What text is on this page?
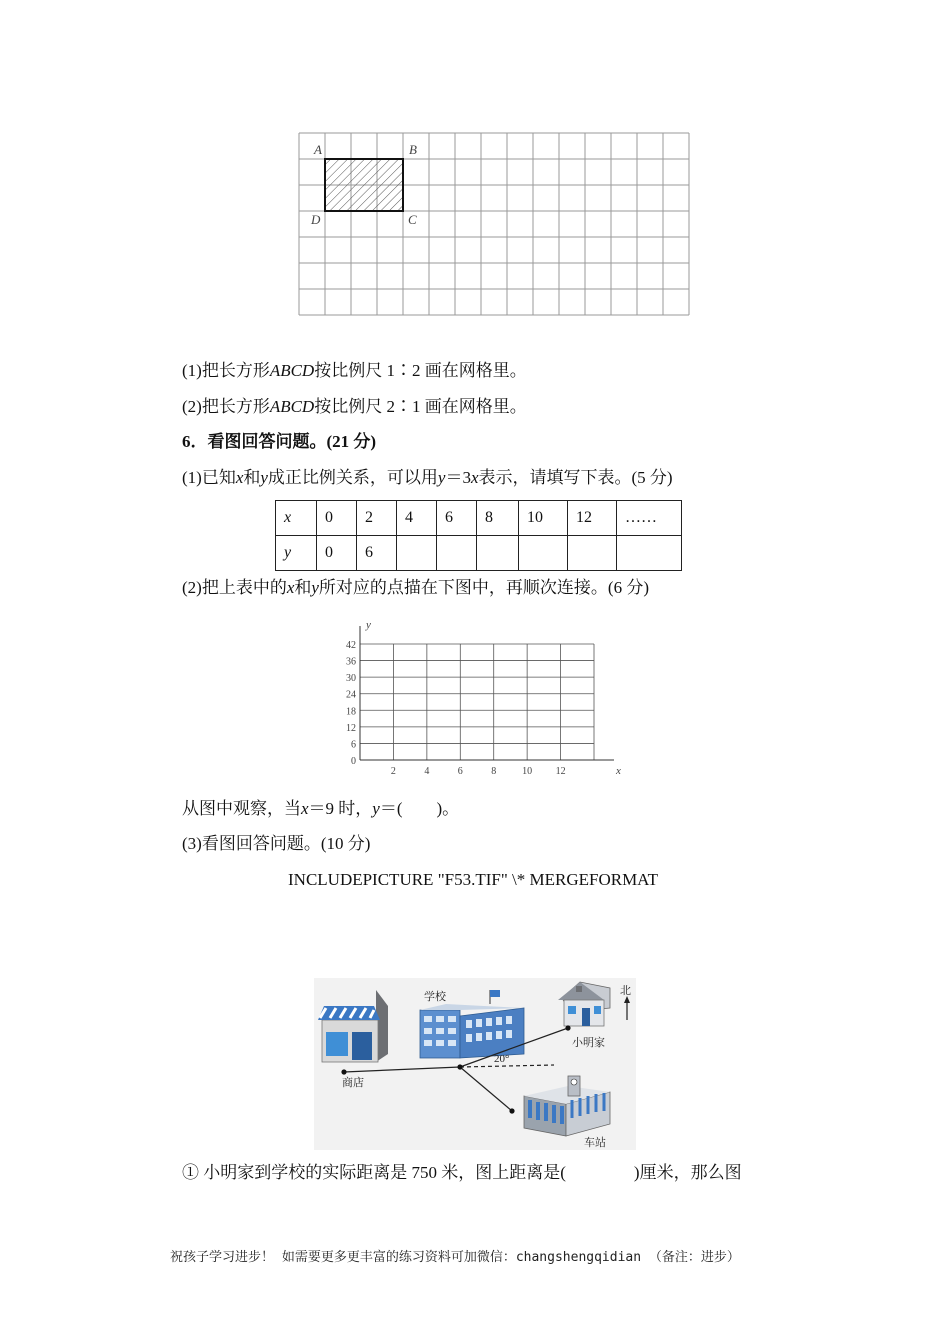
A	B
C
D
(1)把长方形ABCD按比例尺 1∶2 画在网格里。
(2)把长方形ABCD按比例尺 2∶1 画在网格里。
6．看图回答问题。(21 分)
(1)已知x和y成正比例关系，可以用y＝3x表示，请填写下表。(5 分)
x	0	2	4	6	8	10	12	……
y	0	6						
(2)把上表中的x和y所对应的点描在下图中，再顺次连接。(6 分)
0
6
12
18
24
30
36
42
2	4	6	8	10 12	x
y
从图中观察，当x＝9 时，y＝(　　)。
(3)看图回答问题。(10 分)
INCLUDEPICTURE "F53.TIF" \* MERGEFORMAT
学校
小明家
北
车站
20°
商店
① 小明家到学校的实际距离是 750 米，图上距离是(　　　　)厘米，那么图
祝孩子学习进步！ 如需要更多更丰富的练习资料可加微信：changshengqidian （备注：进步）
